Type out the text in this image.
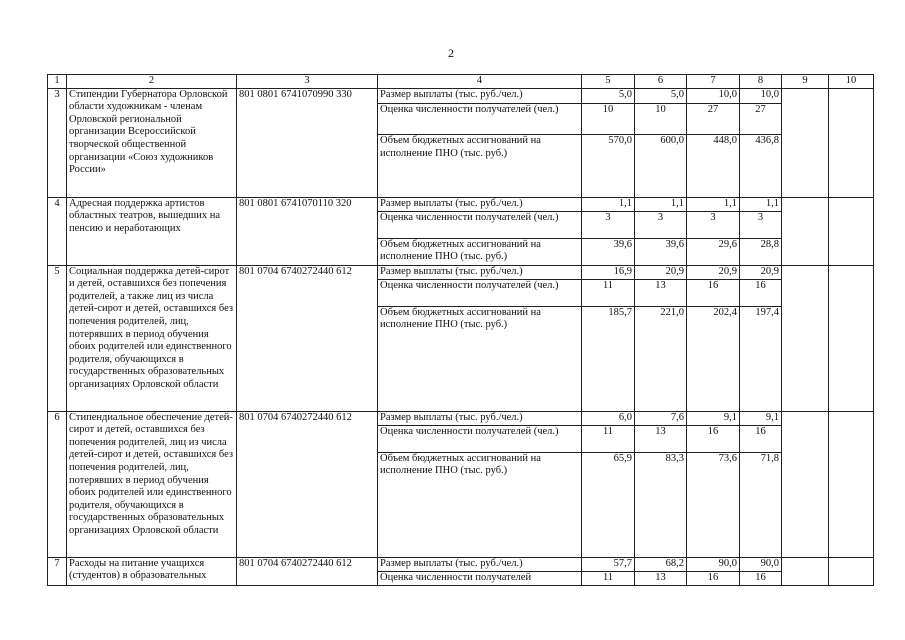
2
1	2	3	4	5	6	7	8	9	10
3	Стипендии Губернатора Орловской области художникам - членам Орловской региональной организации Всероссийской творческой общественной организации «Союз художников России»	801 0801 6741070990 330	Размер выплаты (тыс. руб./чел.)	5,0	5,0	10,0	10,0		
			Оценка численности получателей (чел.)	10	10	27	27		
			Объем бюджетных ассигнований на исполнение ПНО (тыс. руб.)	570,0	600,0	448,0	436,8		
4	Адресная поддержка артистов областных театров, вышедших на пенсию и неработающих	801 0801 6741070110 320	Размер выплаты (тыс. руб./чел.)	1,1	1,1	1,1	1,1		
			Оценка численности получателей (чел.)	3	3	3	3		
			Объем бюджетных ассигнований на исполнение ПНО (тыс. руб.)	39,6	39,6	29,6	28,8		
5	Социальная поддержка детей-сирот и детей, оставшихся без попечения родителей, а также лиц из числа детей-сирот и детей, оставшихся без попечения родителей, лиц, потерявших в период обучения обоих родителей или единственного родителя, обучающихся в государственных образовательных организациях Орловской области	801 0704 6740272440 612	Размер выплаты (тыс. руб./чел.)	16,9	20,9	20,9	20,9		
			Оценка численности получателей (чел.)	11	13	16	16		
			Объем бюджетных ассигнований на исполнение ПНО (тыс. руб.)	185,7	221,0	202,4	197,4		
6	Стипендиальное обеспечение детей-сирот и детей, оставшихся без попечения родителей, лиц из числа детей-сирот и детей, оставшихся без попечения родителей, лиц, потерявших в период обучения обоих родителей или единственного родителя, обучающихся в государственных образовательных организациях Орловской области	801 0704 6740272440 612	Размер выплаты (тыс. руб./чел.)	6,0	7,6	9,1	9,1		
			Оценка численности получателей (чел.)	11	13	16	16		
			Объем бюджетных ассигнований на исполнение ПНО (тыс. руб.)	65,9	83,3	73,6	71,8		
7	Расходы на питание учащихся (студентов) в образовательных	801 0704 6740272440 612	Размер выплаты (тыс. руб./чел.)	57,7	68,2	90,0	90,0		
			Оценка численности получателей	11	13	16	16		
